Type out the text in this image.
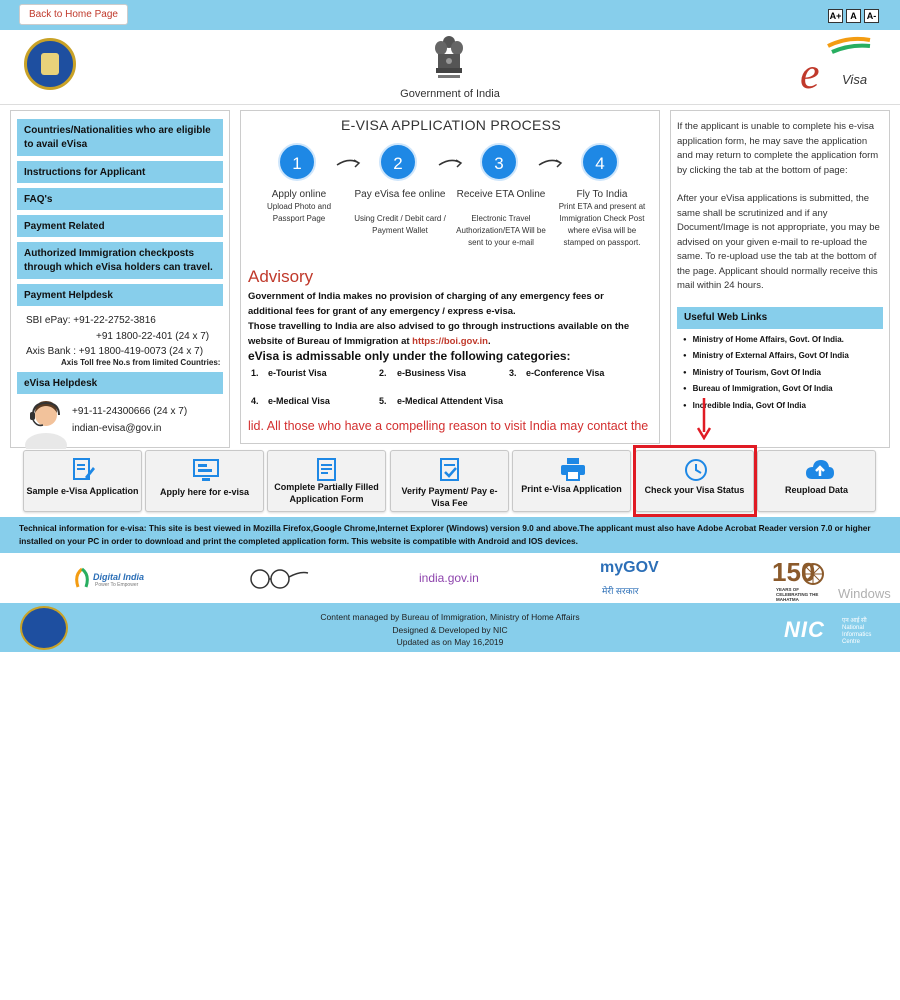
Back to Home Page	A+ A	A-
Government of India	e Visa
Countries/Nationalities who are eligible to avail eVisa
Instructions for Applicant
FAQ's
Payment Related
Authorized Immigration checkposts through which eVisa holders can travel.
Payment Helpdesk
SBI ePay: +91-22-2752-3816
+91 1800-22-401 (24 x 7)
Axis Bank : +91 1800-419-0073 (24 x 7)
Axis Toll free No.s from limited Countries:
eVisa Helpdesk
+91-11-24300666 (24 x 7)
indian-evisa@gov.in
E-VISA APPLICATION PROCESS
1	2	3	4
Apply online
Upload Photo and Passport Page
Pay eVisa fee online
Using Credit / Debit card / Payment Wallet
Receive ETA Online
Electronic Travel Authorization/ETA Will be sent to your e-mail
Fly To India
Print ETA and present at Immigration Check Post where eVisa will be stamped on passport.
Advisory
Government of India makes no provision of charging of any emergency fees or additional fees for grant of any emergency / express e-visa.
Those travelling to India are also advised to go through instructions available on the website of Bureau of Immigration at https://boi.gov.in.
eVisa is admissable only under the following categories:
1. e-Tourist Visa	2. e-Business Visa	3. e-Conference Visa
4. e-Medical Visa	5. e-Medical Attendent Visa
lid. All those who have a compelling reason to visit India may contact the
If the applicant is unable to complete his e-visa application form, he may save the application and may return to complete the application form by clicking the tab at the bottom of page:
After your eVisa applications is submitted, the same shall be scrutinized and if any Document/Image is not appropriate, you may be advised on your given e-mail to re-upload the same. To re-upload use the tab at the bottom of the page. Applicant should normally receive this mail within 24 hours.
Useful Web Links
● Ministry of Home Affairs, Govt. Of India.
● Ministry of External Affairs, Govt Of India
● Ministry of Tourism, Govt Of India
● Bureau of Immigration, Govt Of India
● Incredible India, Govt Of India
Sample e-Visa Application	Apply here for e-visa	Complete Partially Filled Application Form
Verify Payment/ Pay e-Visa Fee
Print e-Visa Application	Check your Visa Status	Reupload Data
Technical information for e-visa: This site is best viewed in Mozilla Firefox,Google Chrome,Internet Explorer (Windows) version 9.0 and above.The applicant must also have Adobe Acrobat Reader version 7.0 or higher installed on your PC in order to download and print the completed application form. This website is compatible with Android and IOS devices.
Digital India
Power To Empower	india.gov.in
myGOV
मेरी सरकार
150
YEARS OF CELEBRATING THE MAHATMA	Windows
Content managed by Bureau of Immigration, Ministry of Home Affairs
Designed & Developed by NIC
Updated as on May 16,2019	NIC	एन आई सी
National
Informatics
Centre
